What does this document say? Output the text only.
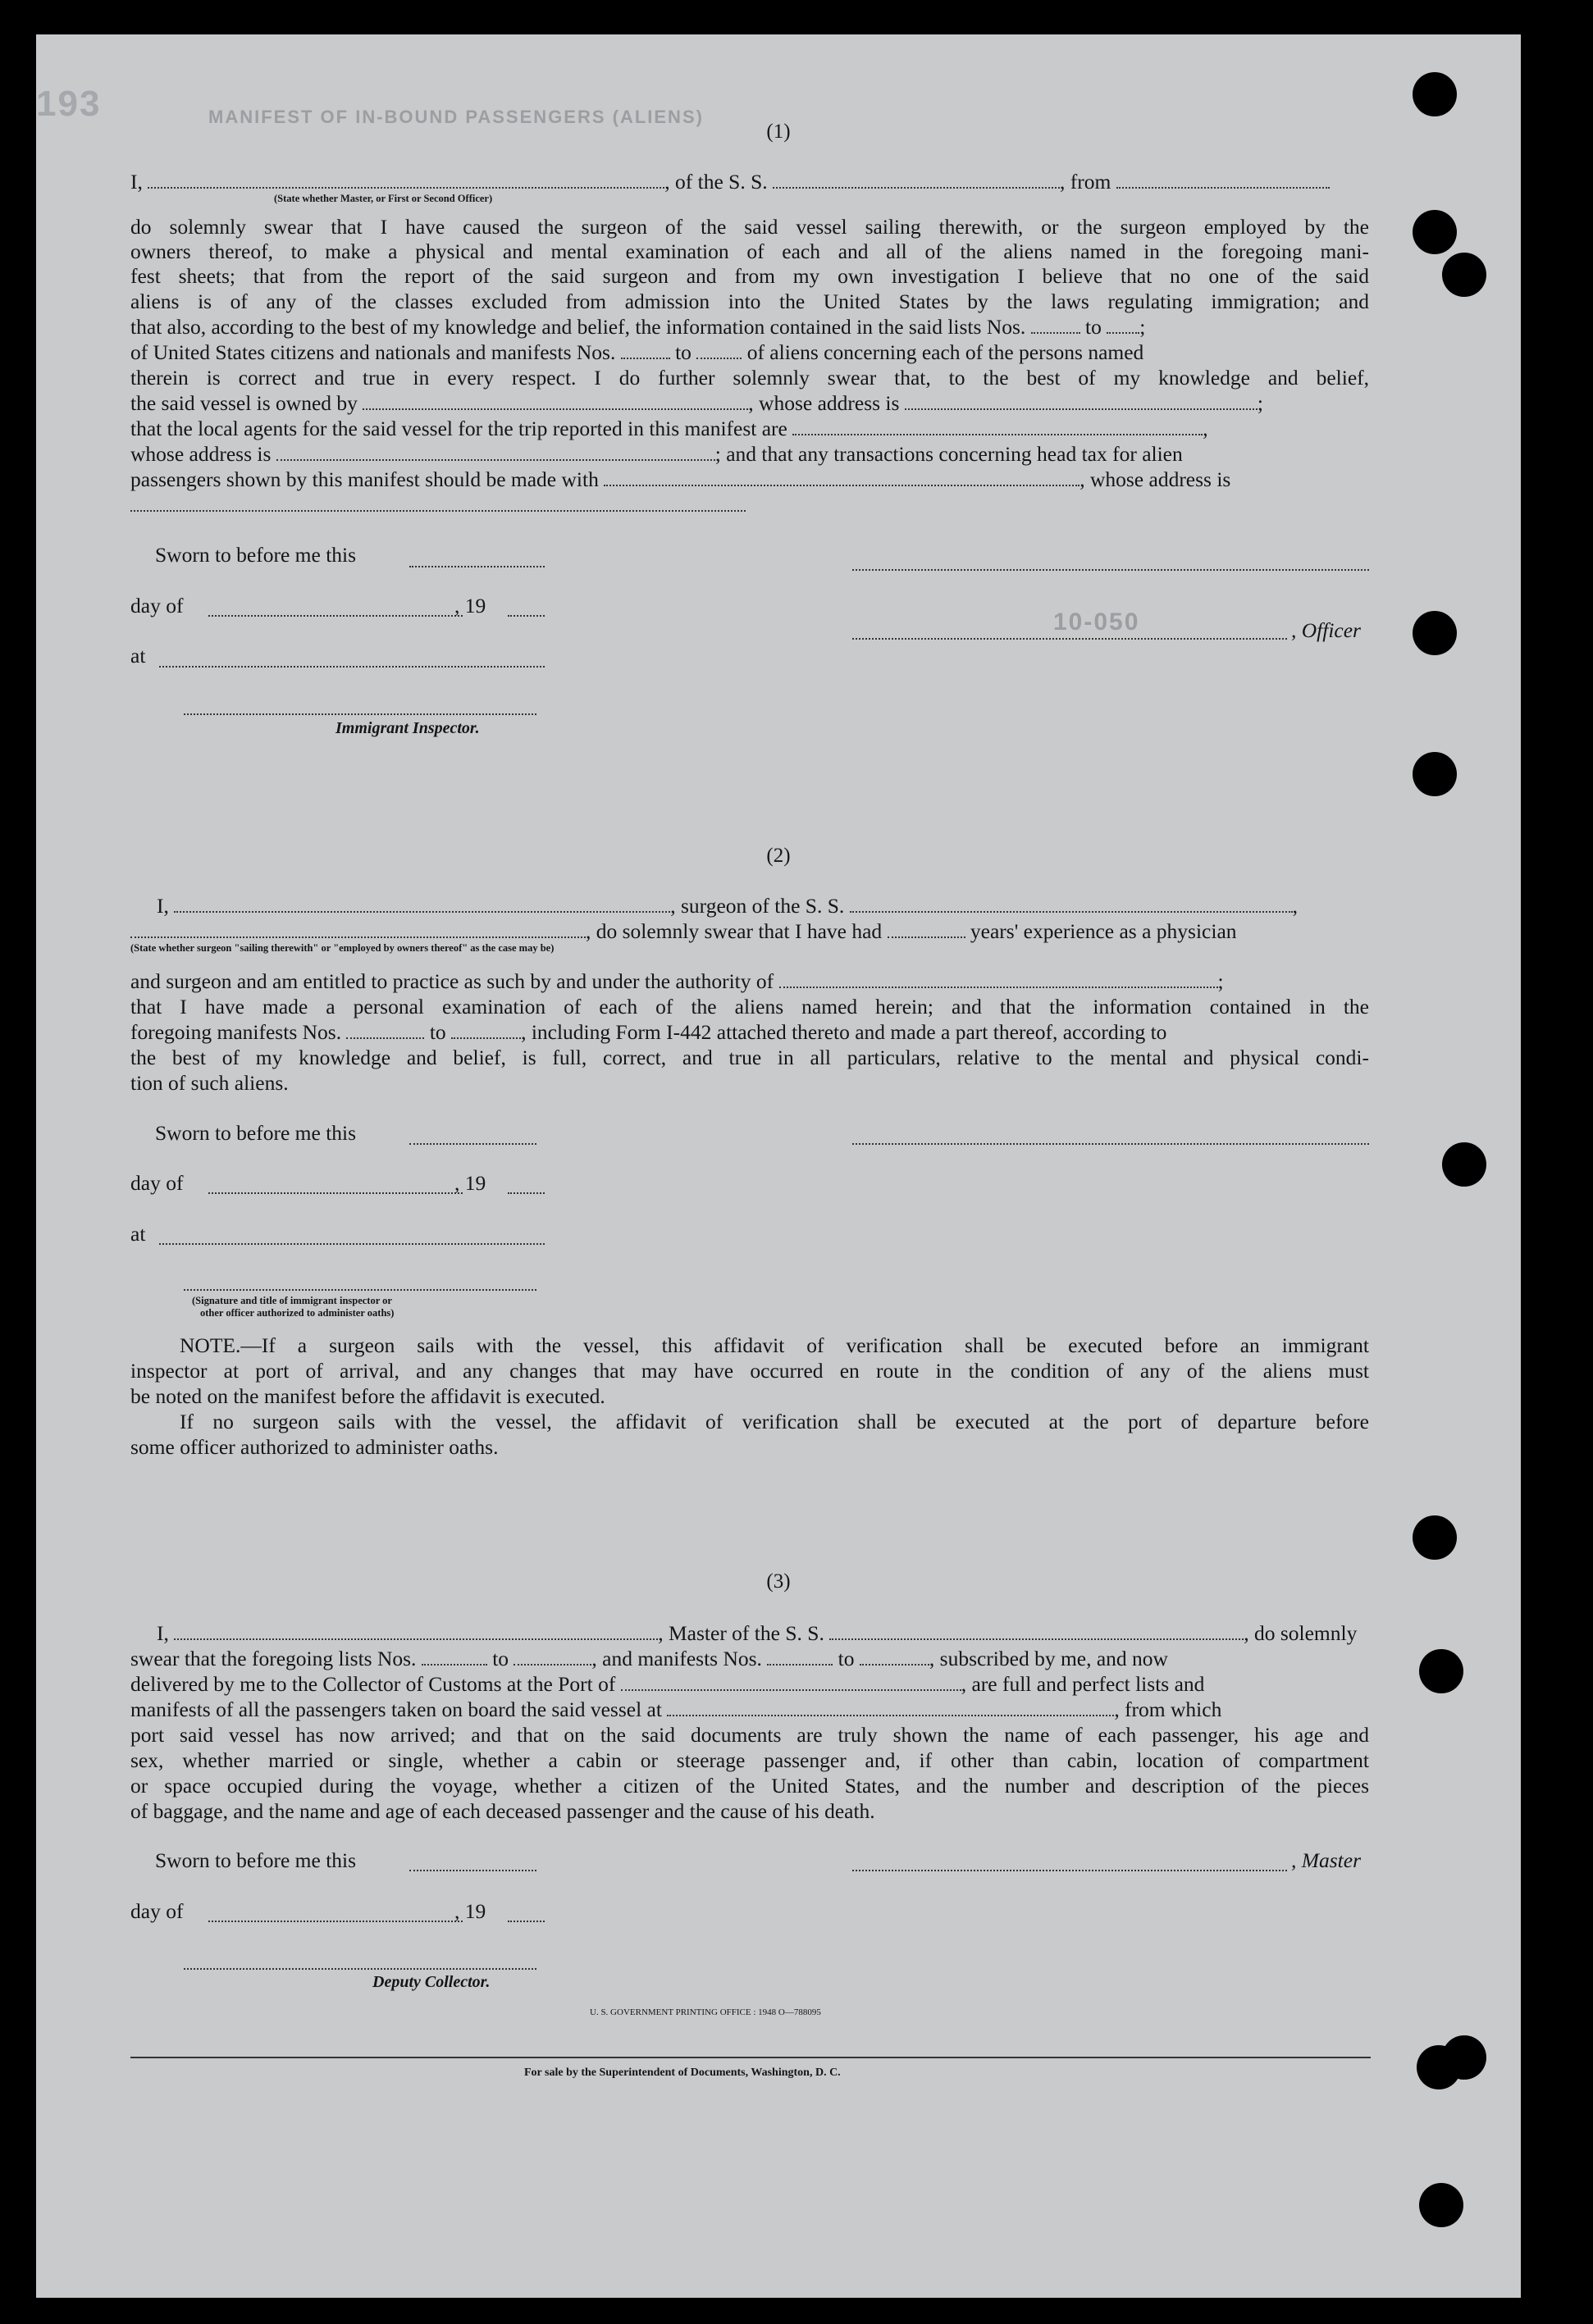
193	MANIFEST OF IN-BOUND PASSENGERS (ALIENS)
10-050
(1)
I,	, of the S. S.	, from
(State whether Master, or First or Second Officer)
do solemnly swear that I have caused the surgeon of the said vessel sailing therewith, or the surgeon employed by the
owners thereof, to make a physical and mental examination of each and all of the aliens named in the foregoing mani-
fest sheets; that from the report of the said surgeon and from my own investigation I believe that no one of the said
aliens is of any of the classes excluded from admission into the United States by the laws regulating immigration; and
that also, according to the best of my knowledge and belief, the information contained in the said lists Nos.	to ;
of United States citizens and nationals and manifests Nos.	to	of aliens concerning each of the persons named
therein is correct and true in every respect. I do further solemnly swear that, to the best of my knowledge and belief,
the said vessel is owned by	, whose address is	;
that the local agents for the said vessel for the trip reported in this manifest are	,
whose address is	; and that any transactions concerning head tax for alien
passengers shown by this manifest should be made with	, whose address is
Sworn to before me this
day of	, 19
, Officer
at
Immigrant Inspector.
(2)
I,	, surgeon of the S. S.	,
, do solemnly swear that I have had	years' experience as a physician
(State whether surgeon "sailing therewith" or "employed by owners thereof" as the case may be)
and surgeon and am entitled to practice as such by and under the authority of	;
that I have made a personal examination of each of the aliens named herein; and that the information contained in the
foregoing manifests Nos.	to	, including Form I-442 attached thereto and made a part thereof, according to
the best of my knowledge and belief, is full, correct, and true in all particulars, relative to the mental and physical condi-
tion of such aliens.
Sworn to before me this
day of	, 19
at
(Signature and title of immigrant inspector or
other officer authorized to administer oaths)
NOTE.—If a surgeon sails with the vessel, this affidavit of verification shall be executed before an immigrant
inspector at port of arrival, and any changes that may have occurred en route in the condition of any of the aliens must
be noted on the manifest before the affidavit is executed.
If no surgeon sails with the vessel, the affidavit of verification shall be executed at the port of departure before
some officer authorized to administer oaths.
(3)
I,	, Master of the S. S.	, do solemnly
swear that the foregoing lists Nos.	to	, and manifests Nos.	to	, subscribed by me, and now
delivered by me to the Collector of Customs at the Port of	, are full and perfect lists and
manifests of all the passengers taken on board the said vessel at	, from which
port said vessel has now arrived; and that on the said documents are truly shown the name of each passenger, his age and
sex, whether married or single, whether a cabin or steerage passenger and, if other than cabin, location of compartment
or space occupied during the voyage, whether a citizen of the United States, and the number and description of the pieces
of baggage, and the name and age of each deceased passenger and the cause of his death.
Sworn to before me this	, Master
day of	, 19
Deputy Collector.
U. S. GOVERNMENT PRINTING OFFICE : 1948 O—788095
For sale by the Superintendent of Documents, Washington, D. C.
